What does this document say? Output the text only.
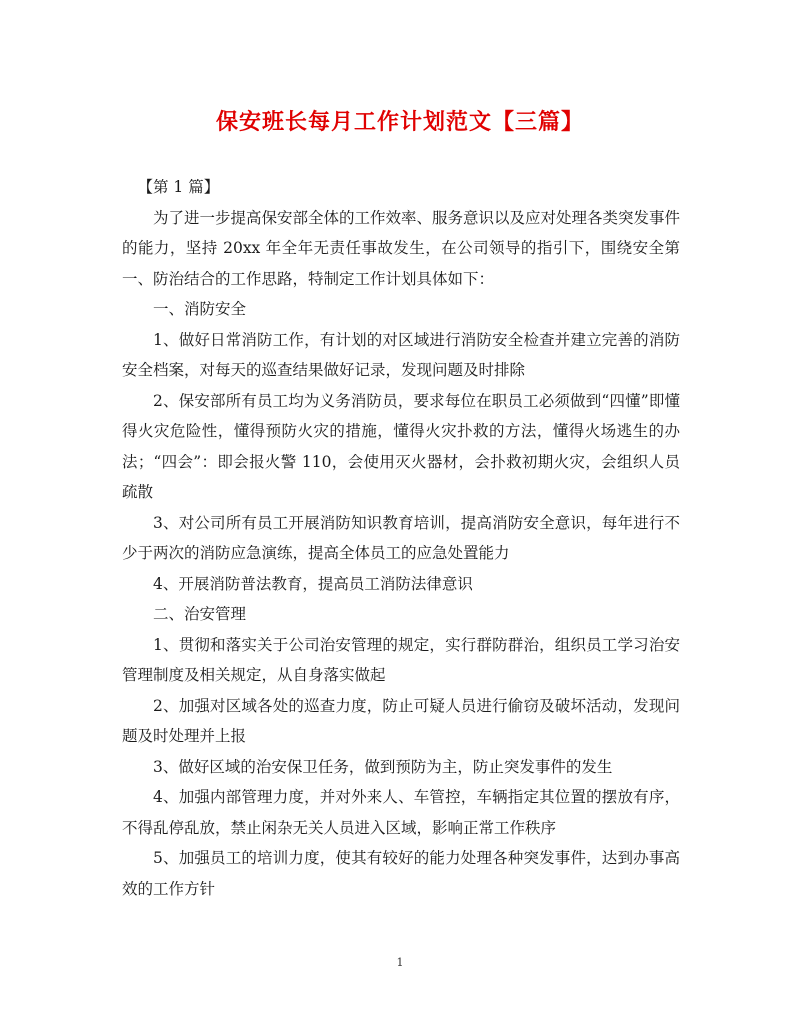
保安班长每月工作计划范文【三篇】

【第 1 篇】

为了进一步提高保安部全体的工作效率、服务意识以及应对处理各类突发事件的能力，坚持 20xx 年全年无责任事故发生，在公司领导的指引下，围绕安全第一、防治结合的工作思路，特制定工作计划具体如下：

一、消防安全

1、做好日常消防工作，有计划的对区域进行消防安全检查并建立完善的消防安全档案，对每天的巡查结果做好记录，发现问题及时排除

2、保安部所有员工均为义务消防员，要求每位在职员工必须做到“四懂”即懂得火灾危险性，懂得预防火灾的措施，懂得火灾扑救的方法，懂得火场逃生的办法；“四会”：即会报火警 110，会使用灭火器材，会扑救初期火灾，会组织人员疏散

3、对公司所有员工开展消防知识教育培训，提高消防安全意识，每年进行不少于两次的消防应急演练，提高全体员工的应急处置能力

4、开展消防普法教育，提高员工消防法律意识

二、治安管理

1、贯彻和落实关于公司治安管理的规定，实行群防群治，组织员工学习治安管理制度及相关规定，从自身落实做起

2、加强对区域各处的巡查力度，防止可疑人员进行偷窃及破坏活动，发现问题及时处理并上报

3、做好区域的治安保卫任务，做到预防为主，防止突发事件的发生

4、加强内部管理力度，并对外来人、车管控，车辆指定其位置的摆放有序，不得乱停乱放，禁止闲杂无关人员进入区域，影响正常工作秩序

5、加强员工的培训力度，使其有较好的能力处理各种突发事件，达到办事高效的工作方针

1
